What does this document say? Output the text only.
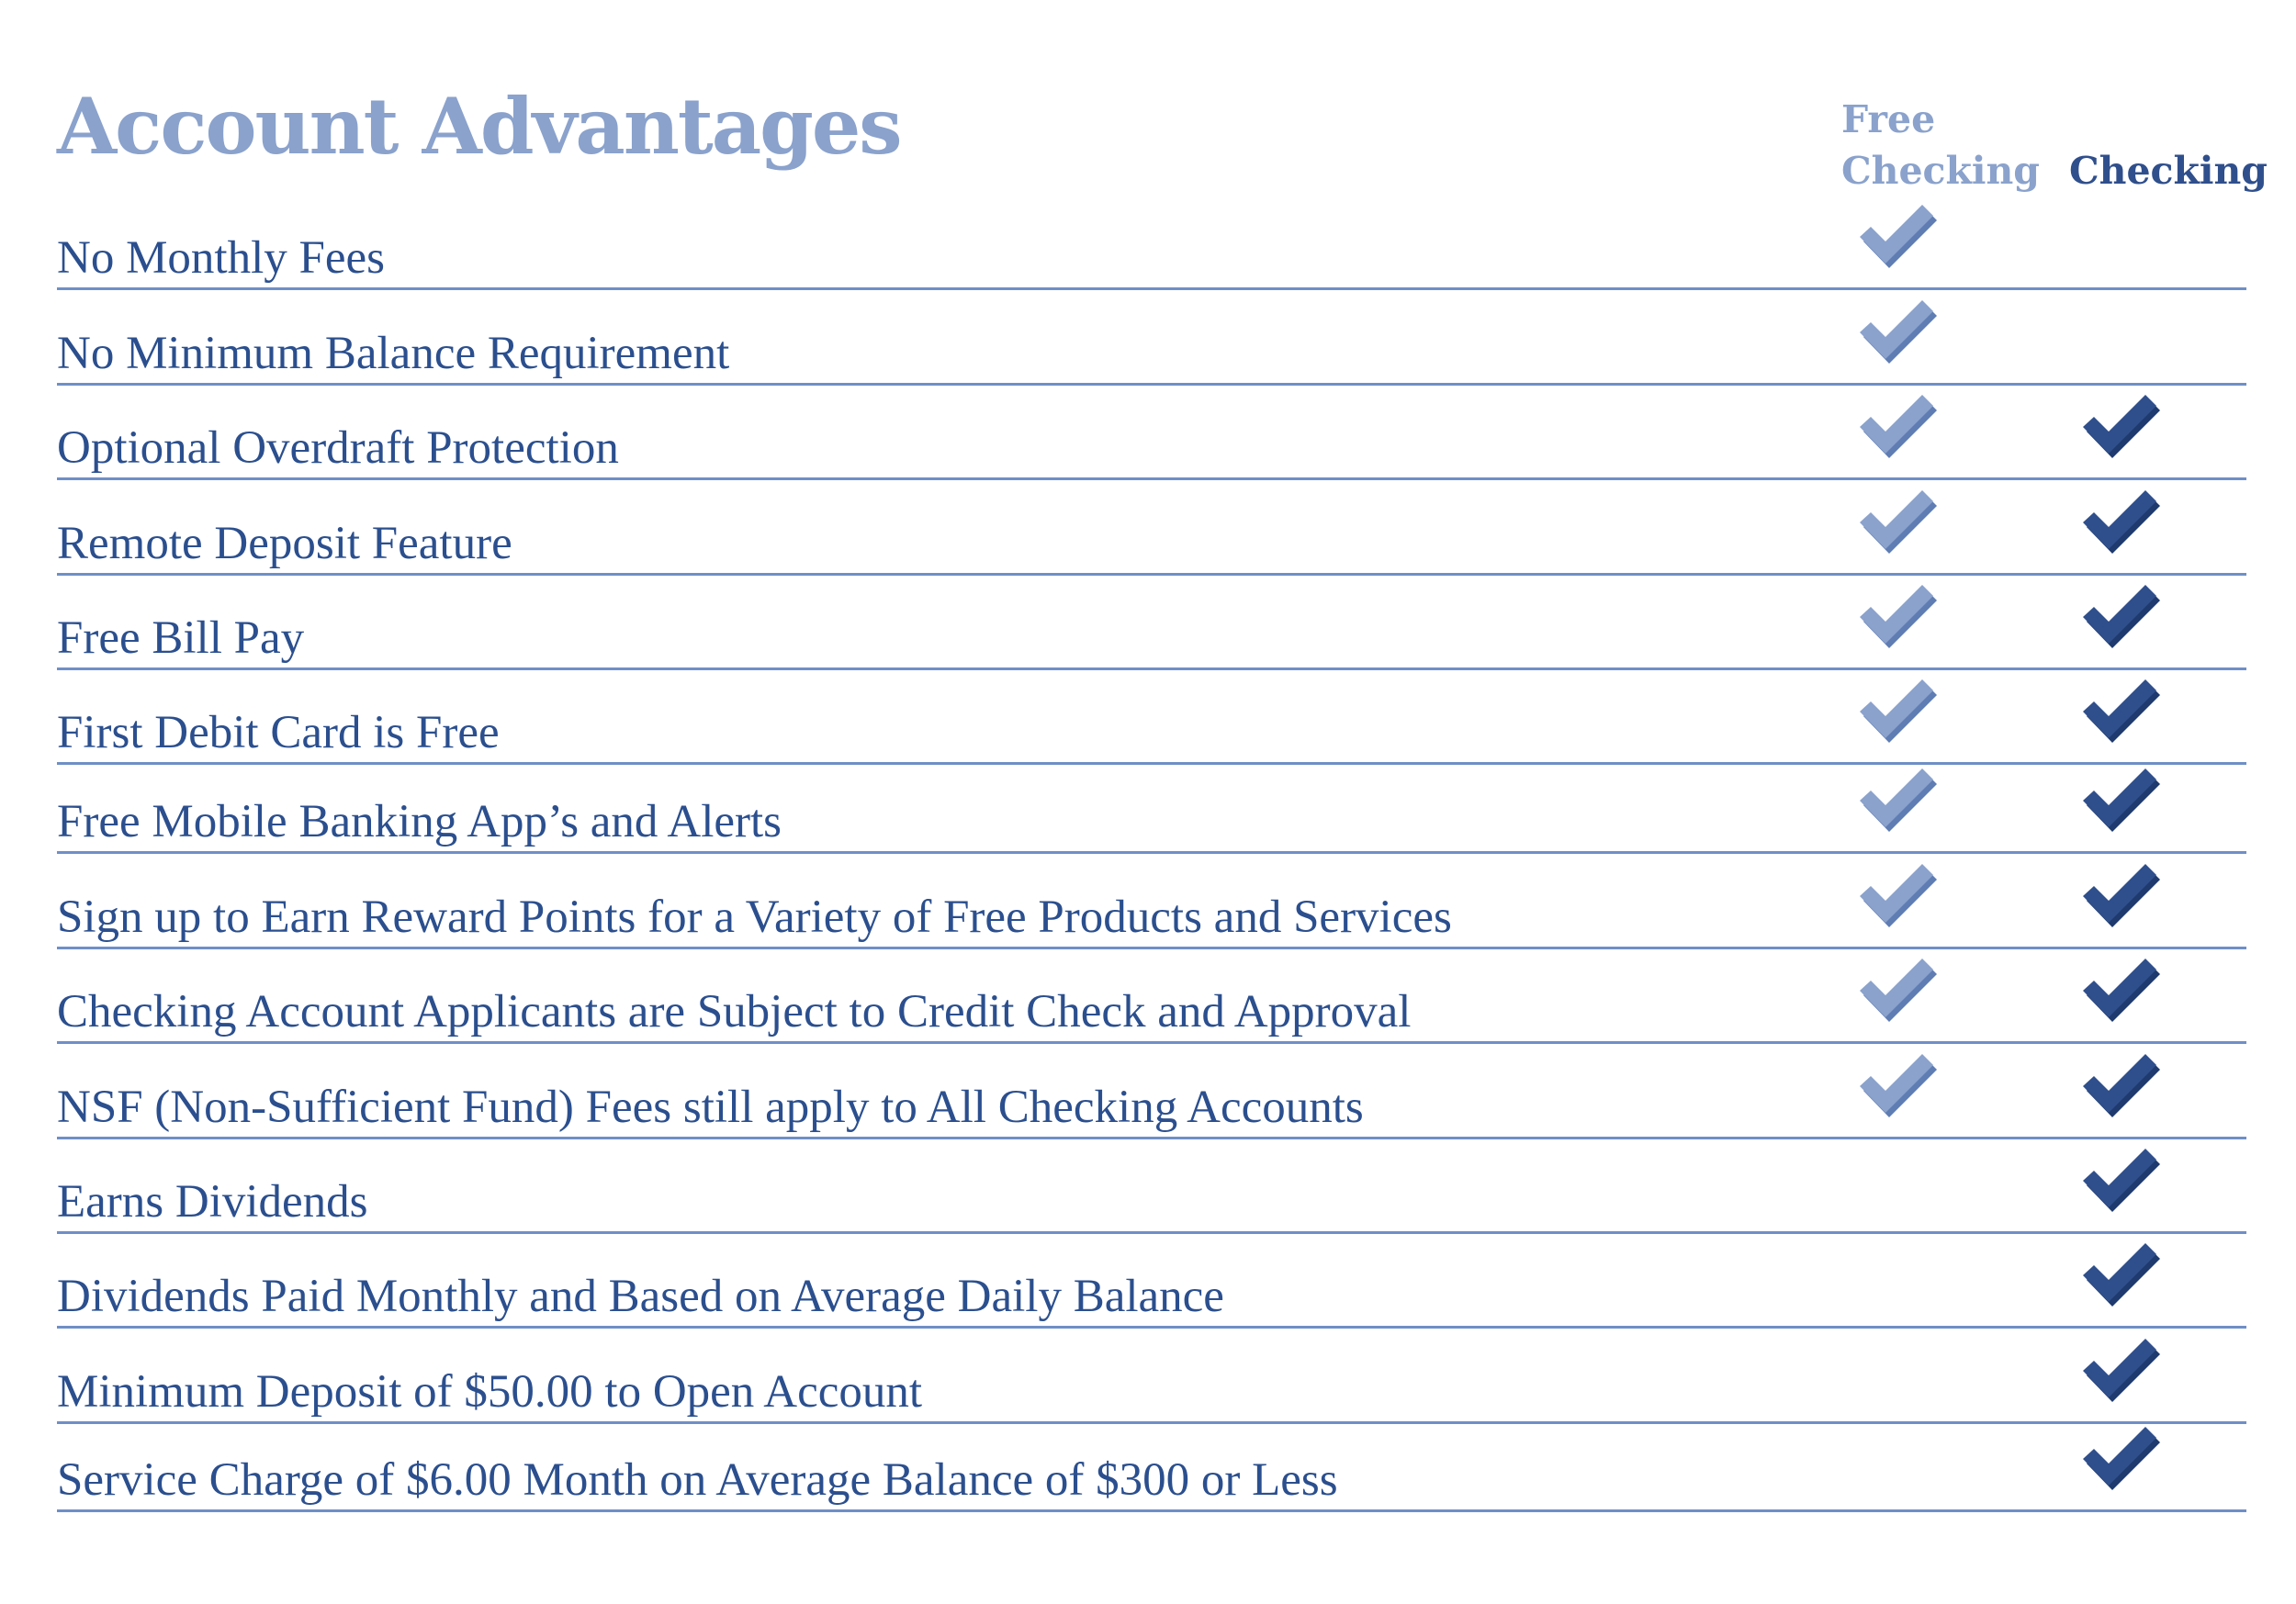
Account Advantages	Free
Checking Checking
No Monthly Fees
No Minimum Balance Requirement
Optional Overdraft Protection
Remote Deposit Feature
Free Bill Pay
First Debit Card is Free
Free Mobile Banking App’s and Alerts
Sign up to Earn Reward Points for a Variety of Free Products and Services
Checking Account Applicants are Subject to Credit Check and Approval
NSF (Non-Sufficient Fund) Fees still apply to All Checking Accounts
Earns Dividends
Dividends Paid Monthly and Based on Average Daily Balance
Minimum Deposit of $50.00 to Open Account
Service Charge of $6.00 Month on Average Balance of $300 or Less
